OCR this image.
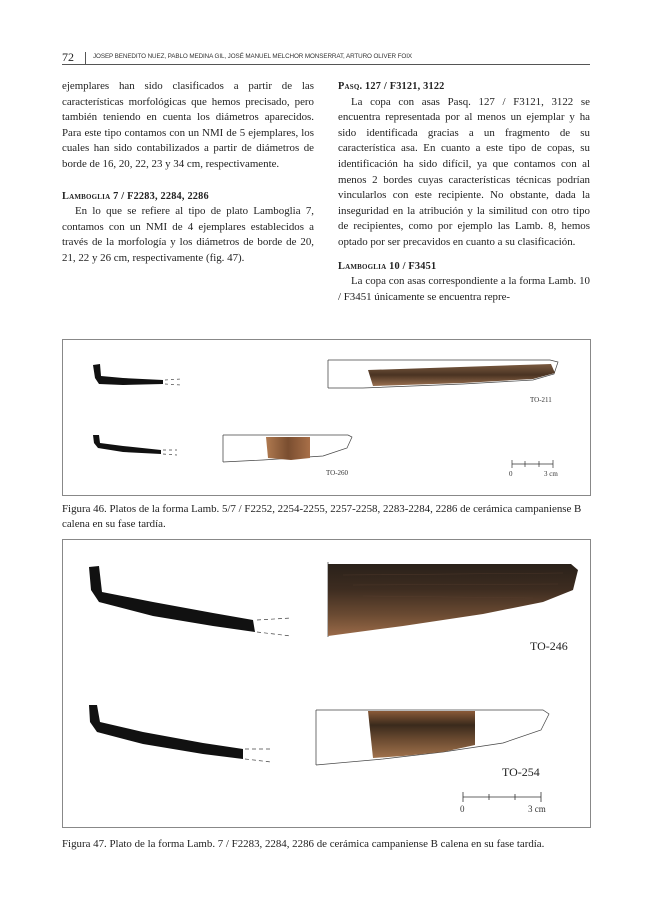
72	JOSEP BENEDITO NUEZ, PABLO MEDINA GIL, JOSÉ MANUEL MELCHOR MONSERRAT, ARTURO OLIVER FOIX

ejemplares han sido clasificados a partir de las características morfológicas que hemos precisado, pero también teniendo en cuenta los diámetros aparecidos. Para este tipo contamos con un NMI de 5 ejemplares, los cuales han sido contabilizados a partir de diámetros de borde de 16, 20, 22, 23 y 34 cm, respectivamente.

Lamboglia 7 / F2283, 2284, 2286

En lo que se refiere al tipo de plato Lamboglia 7, contamos con un NMI de 4 ejemplares establecidos a través de la morfología y los diámetros de borde de 20, 21, 22 y 26 cm, respectivamente (fig. 47).

Pasq. 127 / F3121, 3122

La copa con asas Pasq. 127 / F3121, 3122 se encuentra representada por al menos un ejemplar y ha sido identificada gracias a un fragmento de su característica asa. En cuanto a este tipo de copas, su identificación ha sido difícil, ya que contamos con al menos 2 bordes cuyas características técnicas podrían vincularlos con este recipiente. No obstante, dada la inseguridad en la atribución y la similitud con otro tipo de recipientes, como por ejemplo las Lamb. 8, hemos optado por ser precavidos en cuanto a su clasificación.

Lamboglia 10 / F3451

La copa con asas correspondiente a la forma Lamb. 10 / F3451 únicamente se encuentra repre-

TO-211
TO-260	0	3 cm
Figura 46. Platos de la forma Lamb. 5/7 / F2252, 2254-2255, 2257-2258, 2283-2284, 2286 de cerámica campaniense B calena en su fase tardía.
TO-246
TO-254
0	3 cm
Figura 47. Plato de la forma Lamb. 7 / F2283, 2284, 2286 de cerámica campaniense B calena en su fase tardía.
